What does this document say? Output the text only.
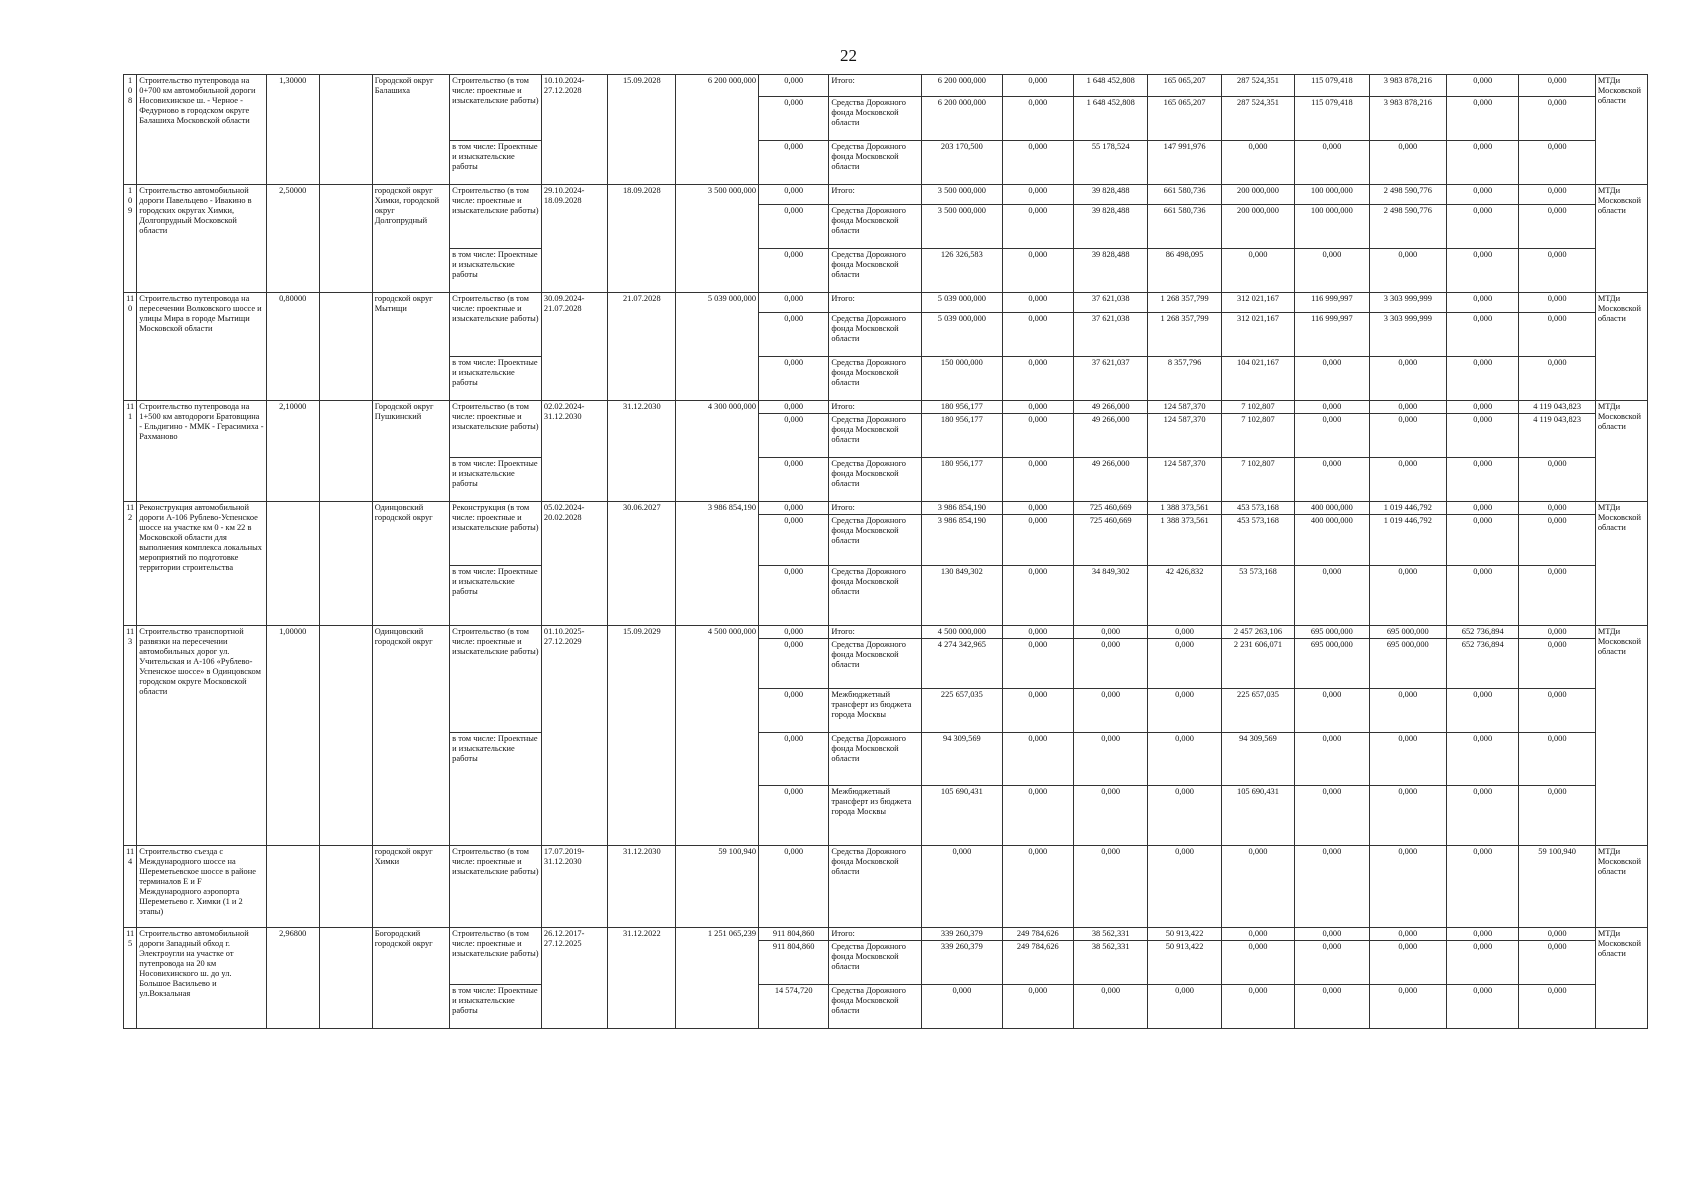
22
108	Строительство путепровода на 0+700 км автомобильной дороги Носовихинское ш. - Черное - Федурново в городском округе Балашиха Московской области	1,30000		Городской округ Балашиха	Строительство (в том числе: проектные и изыскательские работы)	10.10.2024-27.12.2028	15.09.2028	6 200 000,000	0,000	Итого:	6 200 000,000	0,000	1 648 452,808	165 065,207	287 524,351	115 079,418	3 983 878,216	0,000	0,000	МТДи Московской области
									0,000	Средства Дорожного фонда Московской области	6 200 000,000	0,000	1 648 452,808	165 065,207	287 524,351	115 079,418	3 983 878,216	0,000	0,000	
					в том числе: Проектные и изыскательские работы				0,000	Средства Дорожного фонда Московской области	203 170,500	0,000	55 178,524	147 991,976	0,000	0,000	0,000	0,000	0,000	
109	Строительство автомобильной дороги Павельцево - Ивакино в городских округах Химки, Долгопрудный Московской области	2,50000		городской округ Химки, городской округ Долгопрудный	Строительство (в том числе: проектные и изыскательские работы)	29.10.2024-18.09.2028	18.09.2028	3 500 000,000	0,000	Итого:	3 500 000,000	0,000	39 828,488	661 580,736	200 000,000	100 000,000	2 498 590,776	0,000	0,000	МТДи Московской области
									0,000	Средства Дорожного фонда Московской области	3 500 000,000	0,000	39 828,488	661 580,736	200 000,000	100 000,000	2 498 590,776	0,000	0,000	
					в том числе: Проектные и изыскательские работы				0,000	Средства Дорожного фонда Московской области	126 326,583	0,000	39 828,488	86 498,095	0,000	0,000	0,000	0,000	0,000	
110	Строительство путепровода на пересечении Волковского шоссе и улицы Мира в городе Мытищи Московской области	0,80000		городской округ Мытищи	Строительство (в том числе: проектные и изыскательские работы)	30.09.2024-21.07.2028	21.07.2028	5 039 000,000	0,000	Итого:	5 039 000,000	0,000	37 621,038	1 268 357,799	312 021,167	116 999,997	3 303 999,999	0,000	0,000	МТДи Московской области
									0,000	Средства Дорожного фонда Московской области	5 039 000,000	0,000	37 621,038	1 268 357,799	312 021,167	116 999,997	3 303 999,999	0,000	0,000	
					в том числе: Проектные и изыскательские работы				0,000	Средства Дорожного фонда Московской области	150 000,000	0,000	37 621,037	8 357,796	104 021,167	0,000	0,000	0,000	0,000	
111	Строительство путепровода на 1+500 км автодороги Братовщина - Ельдигино - ММК - Герасимиха - Рахманово	2,10000		Городской округ Пушкинский	Строительство (в том числе: проектные и изыскательские работы)	02.02.2024-31.12.2030	31.12.2030	4 300 000,000	0,000	Итого:	180 956,177	0,000	49 266,000	124 587,370	7 102,807	0,000	0,000	0,000	4 119 043,823	МТДи Московской области
									0,000	Средства Дорожного фонда Московской области	180 956,177	0,000	49 266,000	124 587,370	7 102,807	0,000	0,000	0,000	4 119 043,823	
					в том числе: Проектные и изыскательские работы				0,000	Средства Дорожного фонда Московской области	180 956,177	0,000	49 266,000	124 587,370	7 102,807	0,000	0,000	0,000	0,000	
112	Реконструкция автомобильной дороги А-106 Рублево-Успенское шоссе на участке км 0 - км 22 в Московской области для выполнения комплекса локальных мероприятий по подготовке территории строительства			Одинцовский городской округ	Реконструкция (в том числе: проектные и изыскательские работы)	05.02.2024-20.02.2028	30.06.2027	3 986 854,190	0,000	Итого:	3 986 854,190	0,000	725 460,669	1 388 373,561	453 573,168	400 000,000	1 019 446,792	0,000	0,000	МТДи Московской области
									0,000	Средства Дорожного фонда Московской области	3 986 854,190	0,000	725 460,669	1 388 373,561	453 573,168	400 000,000	1 019 446,792	0,000	0,000	
					в том числе: Проектные и изыскательские работы				0,000	Средства Дорожного фонда Московской области	130 849,302	0,000	34 849,302	42 426,832	53 573,168	0,000	0,000	0,000	0,000	
113	Строительство транспортной развязки на пересечении автомобильных дорог ул. Учительская и А-106 «Рублево-Успенское шоссе» в Одинцовском городском округе Московской области	1,00000		Одинцовский городской округ	Строительство (в том числе: проектные и изыскательские работы)	01.10.2025-27.12.2029	15.09.2029	4 500 000,000	0,000	Итого:	4 500 000,000	0,000	0,000	0,000	2 457 263,106	695 000,000	695 000,000	652 736,894	0,000	МТДи Московской области
									0,000	Средства Дорожного фонда Московской области	4 274 342,965	0,000	0,000	0,000	2 231 606,071	695 000,000	695 000,000	652 736,894	0,000	
									0,000	Межбюджетный трансферт из бюджета города Москвы	225 657,035	0,000	0,000	0,000	225 657,035	0,000	0,000	0,000	0,000	
					в том числе: Проектные и изыскательские работы				0,000	Средства Дорожного фонда Московской области	94 309,569	0,000	0,000	0,000	94 309,569	0,000	0,000	0,000	0,000	
									0,000	Межбюджетный трансферт из бюджета города Москвы	105 690,431	0,000	0,000	0,000	105 690,431	0,000	0,000	0,000	0,000	
114	Строительство съезда с Международного шоссе на Шереметьевское шоссе в районе терминалов E и F Международного аэропорта Шереметьево г. Химки (1 и 2 этапы)			городской округ Химки	Строительство (в том числе: проектные и изыскательские работы)	17.07.2019-31.12.2030	31.12.2030	59 100,940	0,000	Средства Дорожного фонда Московской области	0,000	0,000	0,000	0,000	0,000	0,000	0,000	0,000	59 100,940	МТДи Московской области
115	Строительство автомобильной дороги Западный обход г. Электроугли на участке от путепровода на 20 км Носовихинского ш. до ул. Большое Васильево и ул.Вокзальная	2,96800		Богородский городской округ	Строительство (в том числе: проектные и изыскательские работы)	26.12.2017-27.12.2025	31.12.2022	1 251 065,239	911 804,860	Итого:	339 260,379	249 784,626	38 562,331	50 913,422	0,000	0,000	0,000	0,000	0,000	МТДи Московской области
									911 804,860	Средства Дорожного фонда Московской области	339 260,379	249 784,626	38 562,331	50 913,422	0,000	0,000	0,000	0,000	0,000	
					в том числе: Проектные и изыскательские работы				14 574,720	Средства Дорожного фонда Московской области	0,000	0,000	0,000	0,000	0,000	0,000	0,000	0,000	0,000	
